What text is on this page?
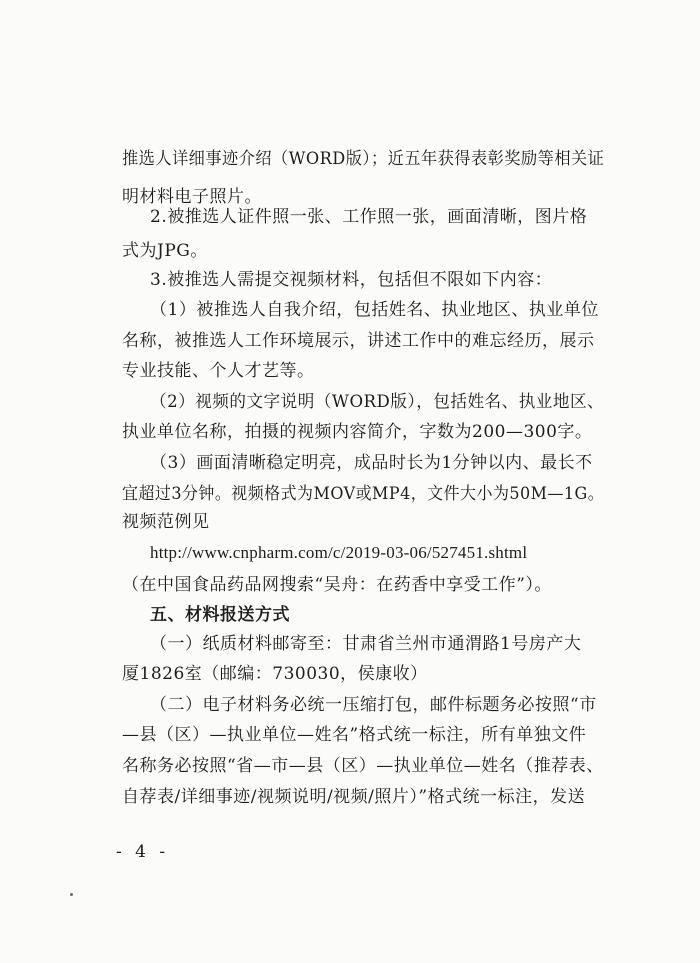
推选人详细事迹介绍（WORD版）；近五年获得表彰奖励等相关证
明材料电子照片。
2.被推选人证件照一张、工作照一张，画面清晰，图片格
式为JPG。
3.被推选人需提交视频材料，包括但不限如下内容：
（1）被推选人自我介绍，包括姓名、执业地区、执业单位
名称，被推选人工作环境展示，讲述工作中的难忘经历，展示
专业技能、个人才艺等。
（2）视频的文字说明（WORD版），包括姓名、执业地区、
执业单位名称，拍摄的视频内容简介，字数为200—300字。
（3）画面清晰稳定明亮，成品时长为1分钟以内、最长不
宜超过3分钟。视频格式为MOV或MP4，文件大小为50M—1G。
视频范例见
http://www.cnpharm.com/c/2019-03-06/527451.shtml
（在中国食品药品网搜索“吴舟：在药香中享受工作”）。
五、材料报送方式
（一）纸质材料邮寄至：甘肃省兰州市通渭路1号房产大
厦1826室（邮编：730030，侯康收）
（二）电子材料务必统一压缩打包，邮件标题务必按照“市
—县（区）—执业单位—姓名”格式统一标注，所有单独文件
名称务必按照“省—市—县（区）—执业单位—姓名（推荐表、
自荐表/详细事迹/视频说明/视频/照片）”格式统一标注，发送
- 4 -
